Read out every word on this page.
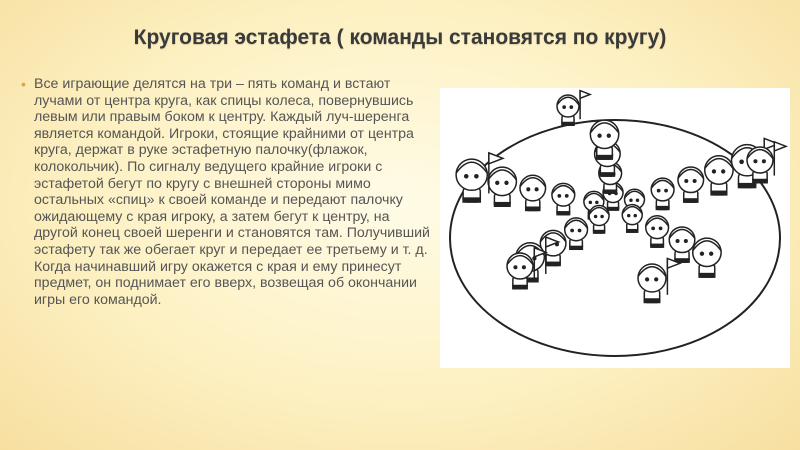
Круговая эстафета ( команды становятся по кругу)
• Все играющие делятся на три – пять команд и встают лучами от центра круга, как спицы колеса, повернувшись левым или правым боком к центру. Каждый луч-шеренга является командой. Игроки, стоящие крайними от центра круга, держат в руке эстафетную палочку(флажок, колокольчик). По сигналу ведущего крайние игроки с эстафетой бегут по кругу с внешней стороны мимо остальных «спиц» к своей команде и передают палочку ожидающему с края игроку, а затем бегут к центру, на другой конец своей шеренги и становятся там. Получивший эстафету так же обегает круг и передает ее третьему и т. д. Когда начинавший игру окажется с края и ему принесут предмет, он поднимает его вверх, возвещая об окончании игры его командой.
